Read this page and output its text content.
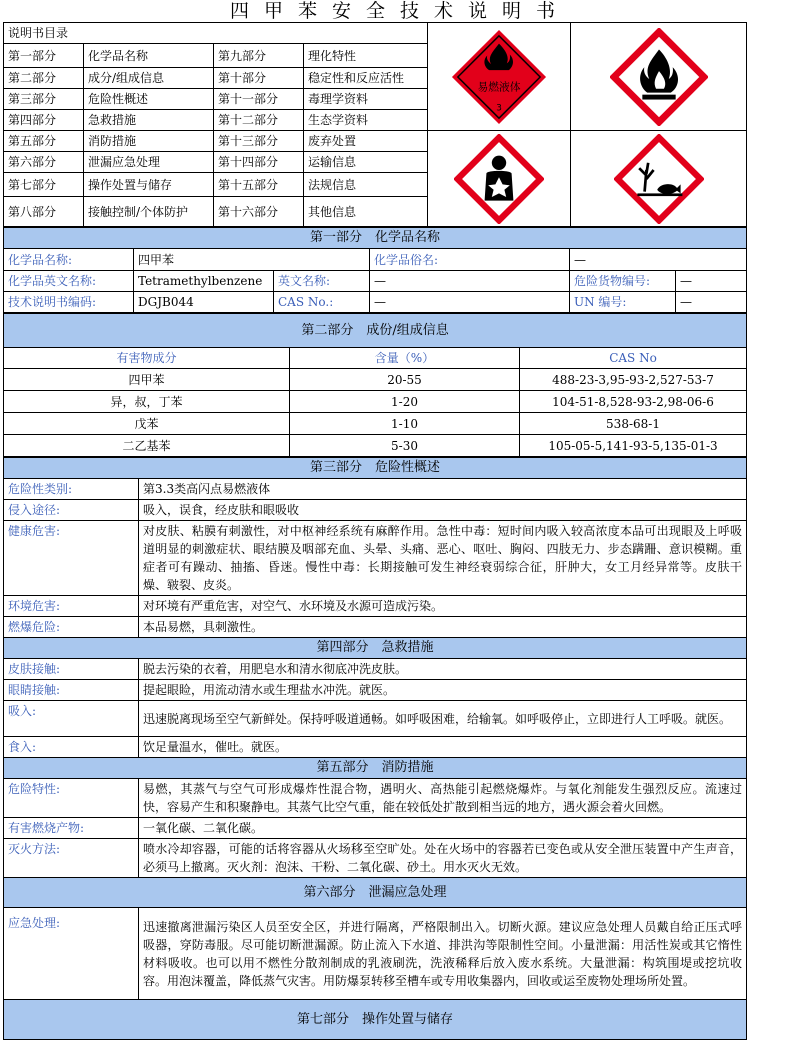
四甲苯安全技术说明书
说明书目录				易燃液体
3

第一部分	化学品名称	第九部分	理化特性		
第二部分	成分/组成信息	第十部分	稳定性和反应活性		
第三部分	危险性概述	第十一部分	毒理学资料		
第四部分	急救措施	第十二部分	生态学资料		
第五部分	消防措施	第十三部分	废弃处置	

第六部分	泄漏应急处理	第十四部分	运输信息		
第七部分	操作处置与储存	第十五部分	法规信息		
第八部分	接触控制/个体防护	第十六部分	其他信息		
第一部分　化学品名称					
化学品名称:	四甲苯		化学品俗名:	—	
化学品英文名称:	Tetramethylbenzene	英文名称:	—	危险货物编号:	—
技术说明书编码:	DGJB044	CAS No.:	—	UN 编号:	—
第二部分　成份/组成信息		
有害物成分	含量（%）	CAS No
四甲苯	20-55	488-23-3,95-93-2,527-53-7
异，叔，丁苯	1-20	104-51-8,528-93-2,98-06-6
戊苯	1-10	538-68-1
二乙基苯	5-30	105-05-5,141-93-5,135-01-3
第三部分　危险性概述	
危险性类别:	第3.3类高闪点易燃液体
侵入途径:	吸入，误食，经皮肤和眼吸收
健康危害:	对皮肤、粘膜有刺激性，对中枢神经系统有麻醉作用。急性中毒：短时间内吸入较高浓度本品可出现眼及上呼吸道明显的刺激症状、眼结膜及咽部充血、头晕、头痛、恶心、呕吐、胸闷、四肢无力、步态蹒跚、意识模糊。重症者可有躁动、抽搐、昏迷。慢性中毒：长期接触可发生神经衰弱综合征，肝肿大，女工月经异常等。皮肤干燥、皲裂、皮炎。
环境危害:	对环境有严重危害，对空气、水环境及水源可造成污染。
燃爆危险:	本品易燃，具刺激性。
第四部分　急救措施	
皮肤接触:	脱去污染的衣着，用肥皂水和清水彻底冲洗皮肤。
眼睛接触:	提起眼睑，用流动清水或生理盐水冲洗。就医。
吸入:	迅速脱离现场至空气新鲜处。保持呼吸道通畅。如呼吸困难，给输氧。如呼吸停止，立即进行人工呼吸。就医。
食入:	饮足量温水，催吐。就医。
第五部分　消防措施	
危险特性:	易燃，其蒸气与空气可形成爆炸性混合物，遇明火、高热能引起燃烧爆炸。与氧化剂能发生强烈反应。流速过快，容易产生和积聚静电。其蒸气比空气重，能在较低处扩散到相当远的地方，遇火源会着火回燃。
有害燃烧产物:	一氧化碳、二氧化碳。
灭火方法:	喷水冷却容器，可能的话将容器从火场移至空旷处。处在火场中的容器若已变色或从安全泄压装置中产生声音，必须马上撤离。灭火剂：泡沫、干粉、二氧化碳、砂土。用水灭火无效。
第六部分　泄漏应急处理	
应急处理:	迅速撤离泄漏污染区人员至安全区，并进行隔离，严格限制出入。切断火源。建议应急处理人员戴自给正压式呼吸器，穿防毒服。尽可能切断泄漏源。防止流入下水道、排洪沟等限制性空间。小量泄漏：用活性炭或其它惰性材料吸收。也可以用不燃性分散剂制成的乳液刷洗，洗液稀释后放入废水系统。大量泄漏：构筑围堤或挖坑收容。用泡沫覆盖，降低蒸气灾害。用防爆泵转移至槽车或专用收集器内，回收或运至废物处理场所处置。
第七部分　操作处置与储存	
